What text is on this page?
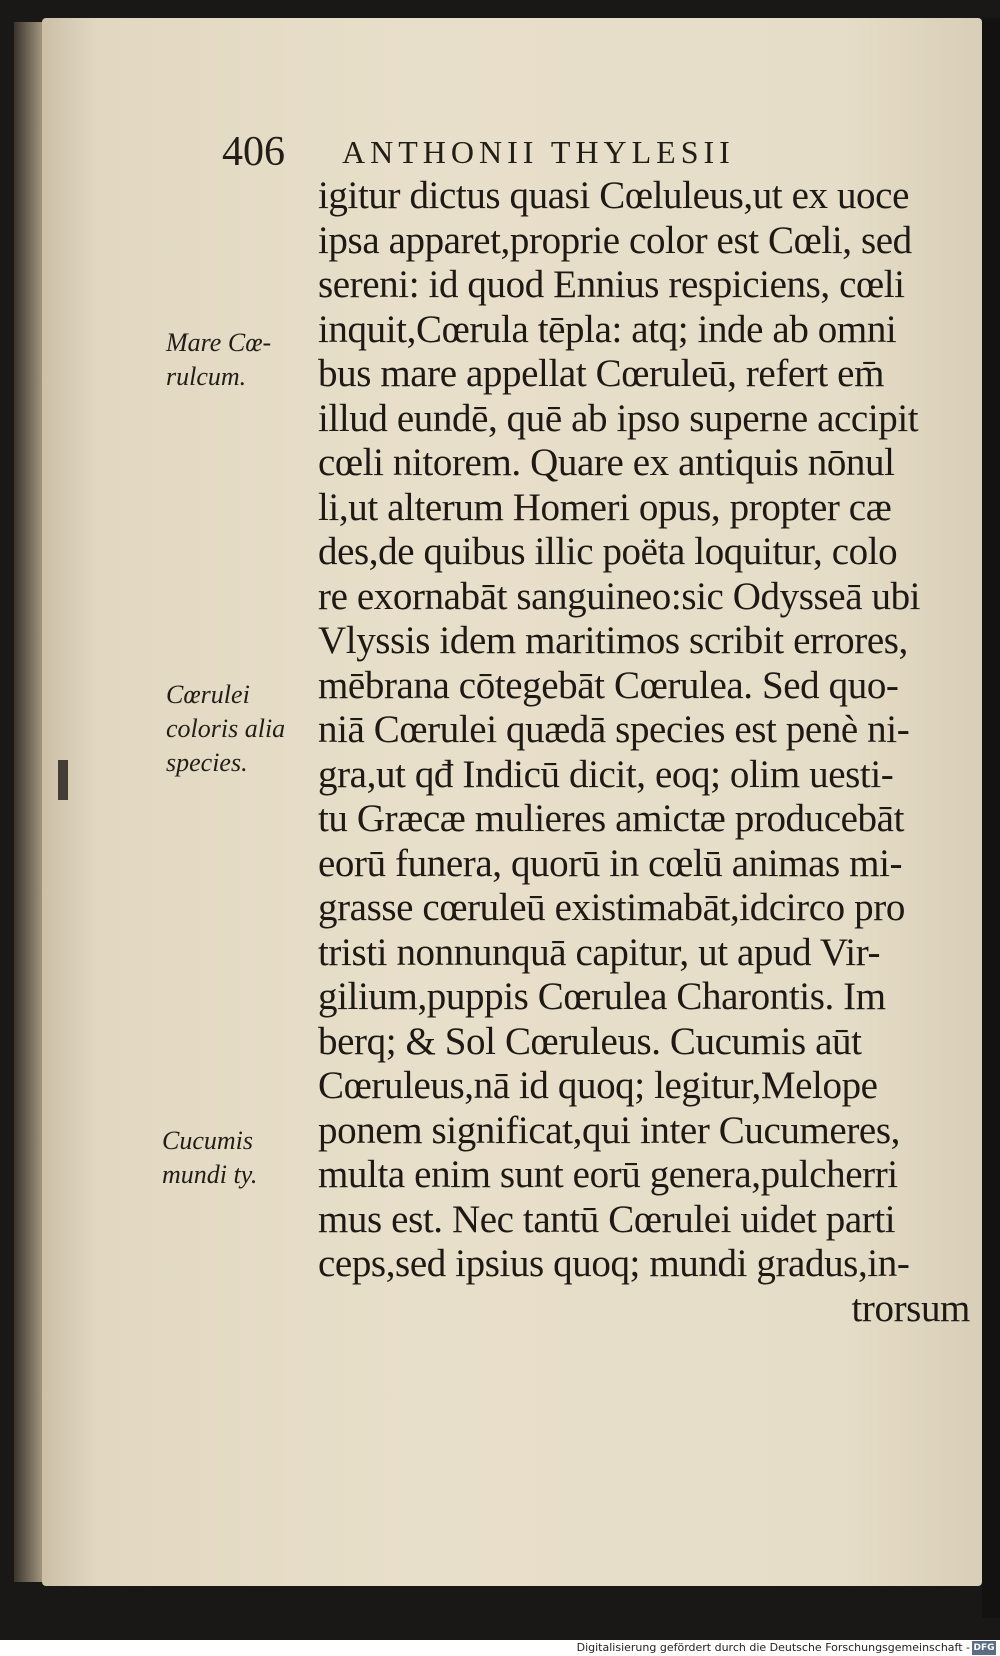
406 ANTHONII THYLESII
igitur dictus quasi Cœluleus,ut ex uoce
ipsa apparet,proprie color est Cœli, sed
sereni: id quod Ennius respiciens, cœli
inquit,Cœrula tēpla: atq; inde ab omni
bus mare appellat Cœruleū, refert em̄
illud eundē, quē ab ipso superne accipit
cœli nitorem. Quare ex antiquis nōnul
li,ut alterum Homeri opus, propter cæ
des,de quibus illic poëta loquitur, colo
re exornabāt sanguineo:sic Odysseā ubi
Vlyssis idem maritimos scribit errores,
mēbrana cōtegebāt Cœrulea. Sed quo-
niā Cœrulei quædā species est penè ni-
gra,ut qđ Indicū dicit, eoq; olim uesti-
tu Græcæ mulieres amictæ producebāt
eorū funera, quorū in cœlū animas mi-
grasse cœruleū existimabāt,idcirco pro
tristi nonnunquā capitur, ut apud Vir-
gilium,puppis Cœrulea Charontis. Im
berq; & Sol Cœruleus. Cucumis aūt
Cœruleus,nā id quoq; legitur,Melope
ponem significat,qui inter Cucumeres,
multa enim sunt eorū genera,pulcherri
mus est. Nec tantū Cœrulei uidet parti
ceps,sed ipsius quoq; mundi gradus,in-
trorsum
Mare Cœ-
rulcum.
Cœrulei
coloris alia
species.
Cucumis
mundi ty.
Digitalisierung gefördert durch die Deutsche Forschungsgemeinschaft - DFG
